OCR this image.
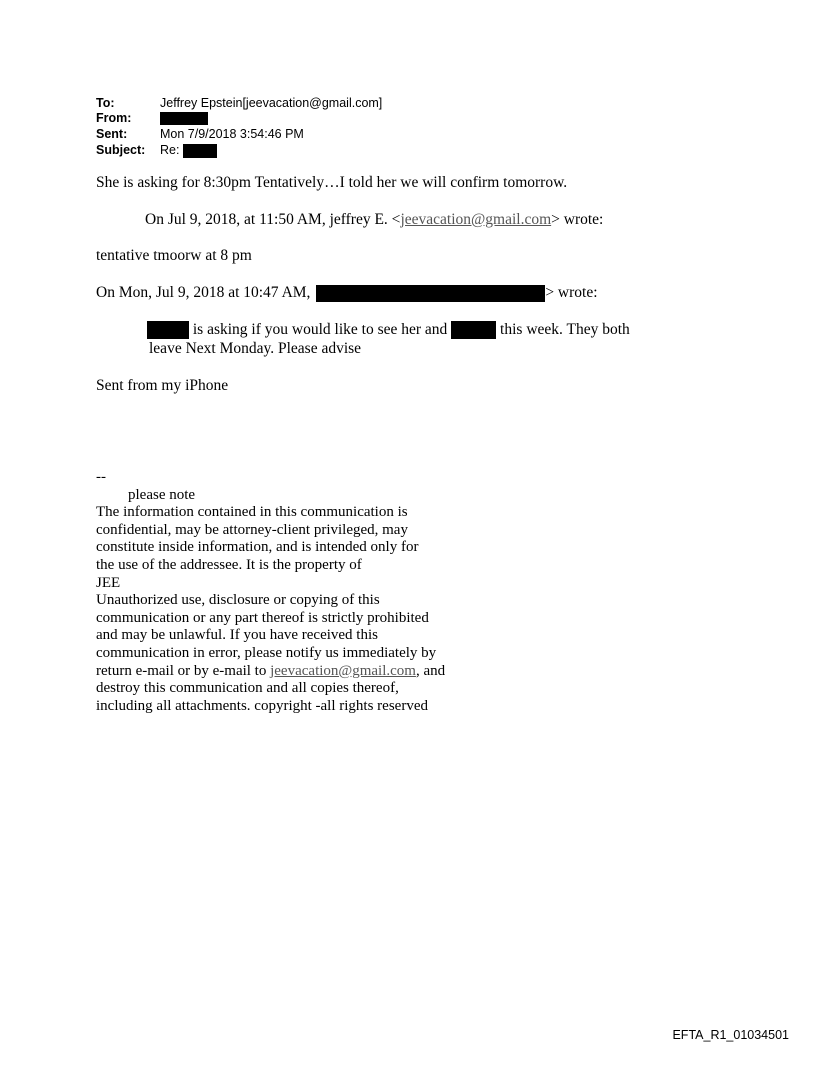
To:	Jeffrey Epstein[jeevacation@gmail.com]
From:
Sent:	Mon 7/9/2018 3:54:46 PM
Subject: Re:
She is asking for 8:30pm Tentatively…I told her we will confirm tomorrow.
On Jul 9, 2018, at 11:50 AM, jeffrey E. <jeevacation@gmail.com> wrote:
tentative tmoorw at 8 pm
On Mon, Jul 9, 2018 at 10:47 AM,	> wrote:
is asking if you would like to see her and	this week. They both
leave Next Monday. Please advise
Sent from my iPhone
--
please note
The information contained in this communication is
confidential, may be attorney-client privileged, may
constitute inside information, and is intended only for
the use of the addressee. It is the property of
JEE
Unauthorized use, disclosure or copying of this
communication or any part thereof is strictly prohibited
and may be unlawful. If you have received this
communication in error, please notify us immediately by
return e-mail or by e-mail to jeevacation@gmail.com, and
destroy this communication and all copies thereof,
including all attachments. copyright -all rights reserved
EFTA_R1_01034501
